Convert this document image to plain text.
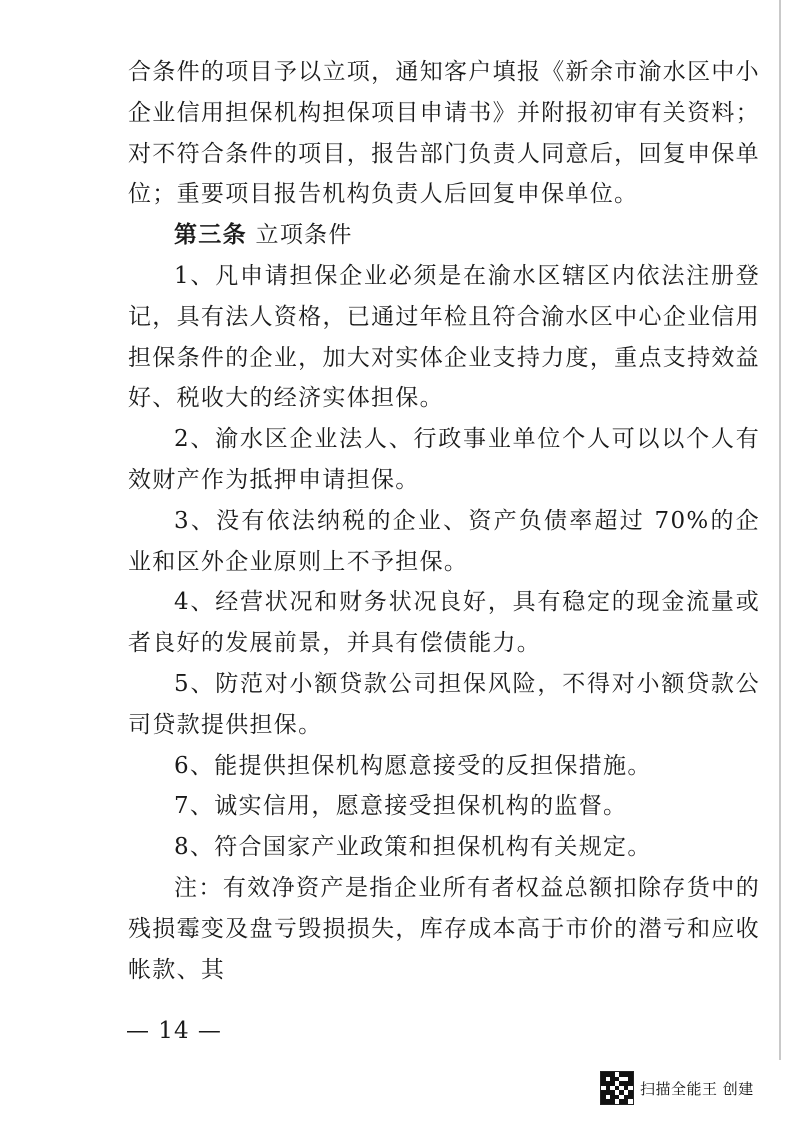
合条件的项目予以立项，通知客户填报《新余市渝水区中小企业信用担保机构担保项目申请书》并附报初审有关资料；对不符合条件的项目，报告部门负责人同意后，回复申保单位；重要项目报告机构负责人后回复申保单位。

第三条 立项条件

1、凡申请担保企业必须是在渝水区辖区内依法注册登记，具有法人资格，已通过年检且符合渝水区中心企业信用担保条件的企业，加大对实体企业支持力度，重点支持效益好、税收大的经济实体担保。

2、渝水区企业法人、行政事业单位个人可以以个人有效财产作为抵押申请担保。

3、没有依法纳税的企业、资产负债率超过 70%的企业和区外企业原则上不予担保。

4、经营状况和财务状况良好，具有稳定的现金流量或者良好的发展前景，并具有偿债能力。

5、防范对小额贷款公司担保风险，不得对小额贷款公司贷款提供担保。

6、能提供担保机构愿意接受的反担保措施。

7、诚实信用，愿意接受担保机构的监督。

8、符合国家产业政策和担保机构有关规定。

注：有效净资产是指企业所有者权益总额扣除存货中的残损霉变及盘亏毁损损失，库存成本高于市价的潜亏和应收帐款、其

— 14 —
扫描全能王 创建
